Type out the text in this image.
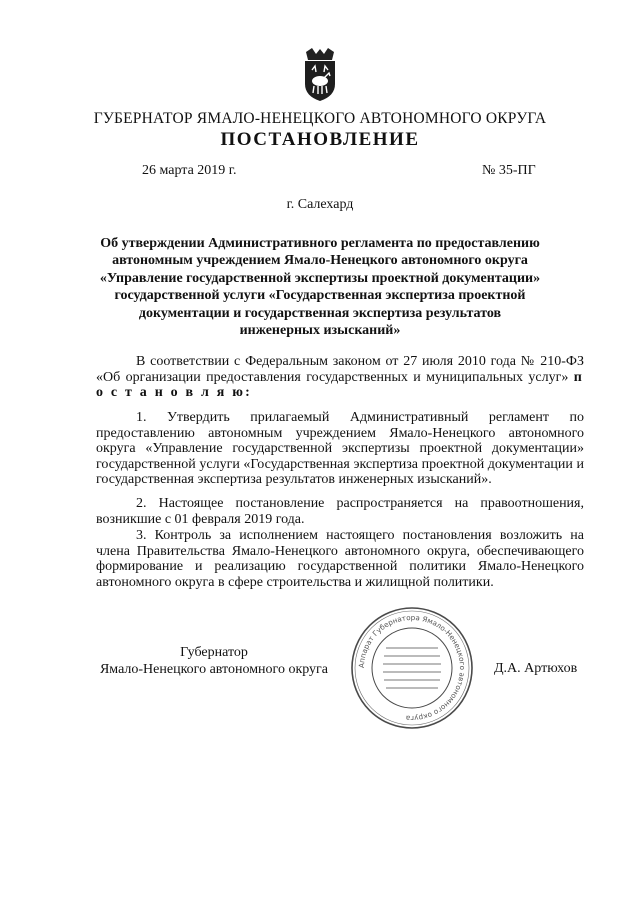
ГУБЕРНАТОР ЯМАЛО-НЕНЕЦКОГО АВТОНОМНОГО ОКРУГА
ПОСТАНОВЛЕНИЕ
26 марта 2019 г.	№ 35-ПГ
г. Салехард
Об утверждении Административного регламента по предоставлению автономным учреждением Ямало-Ненецкого автономного округа «Управление государственной экспертизы проектной документации» государственной услуги «Государственная экспертиза проектной документации и государственная экспертиза результатов инженерных изысканий»
В соответствии с Федеральным законом от 27 июля 2010 года № 210-ФЗ «Об организации предоставления государственных и муниципальных услуг» п о с т а н о в л я ю:
1. Утвердить прилагаемый Административный регламент по предоставлению автономным учреждением Ямало-Ненецкого автономного округа «Управление государственной экспертизы проектной документации» государственной услуги «Государственная экспертиза проектной документации и государственная экспертиза результатов инженерных изысканий».
2. Настоящее постановление распространяется на правоотношения, возникшие с 01 февраля 2019 года.
3. Контроль за исполнением настоящего постановления возложить на члена Правительства Ямало-Ненецкого автономного округа, обеспечивающего формирование и реализацию государственной политики Ямало-Ненецкого автономного округа в сфере строительства и жилищной политики.
Губернатор
Ямало-Ненецкого автономного округа	Аппарат Губернатора Ямало-Ненецкого автономного округа
Д.А. Артюхов
